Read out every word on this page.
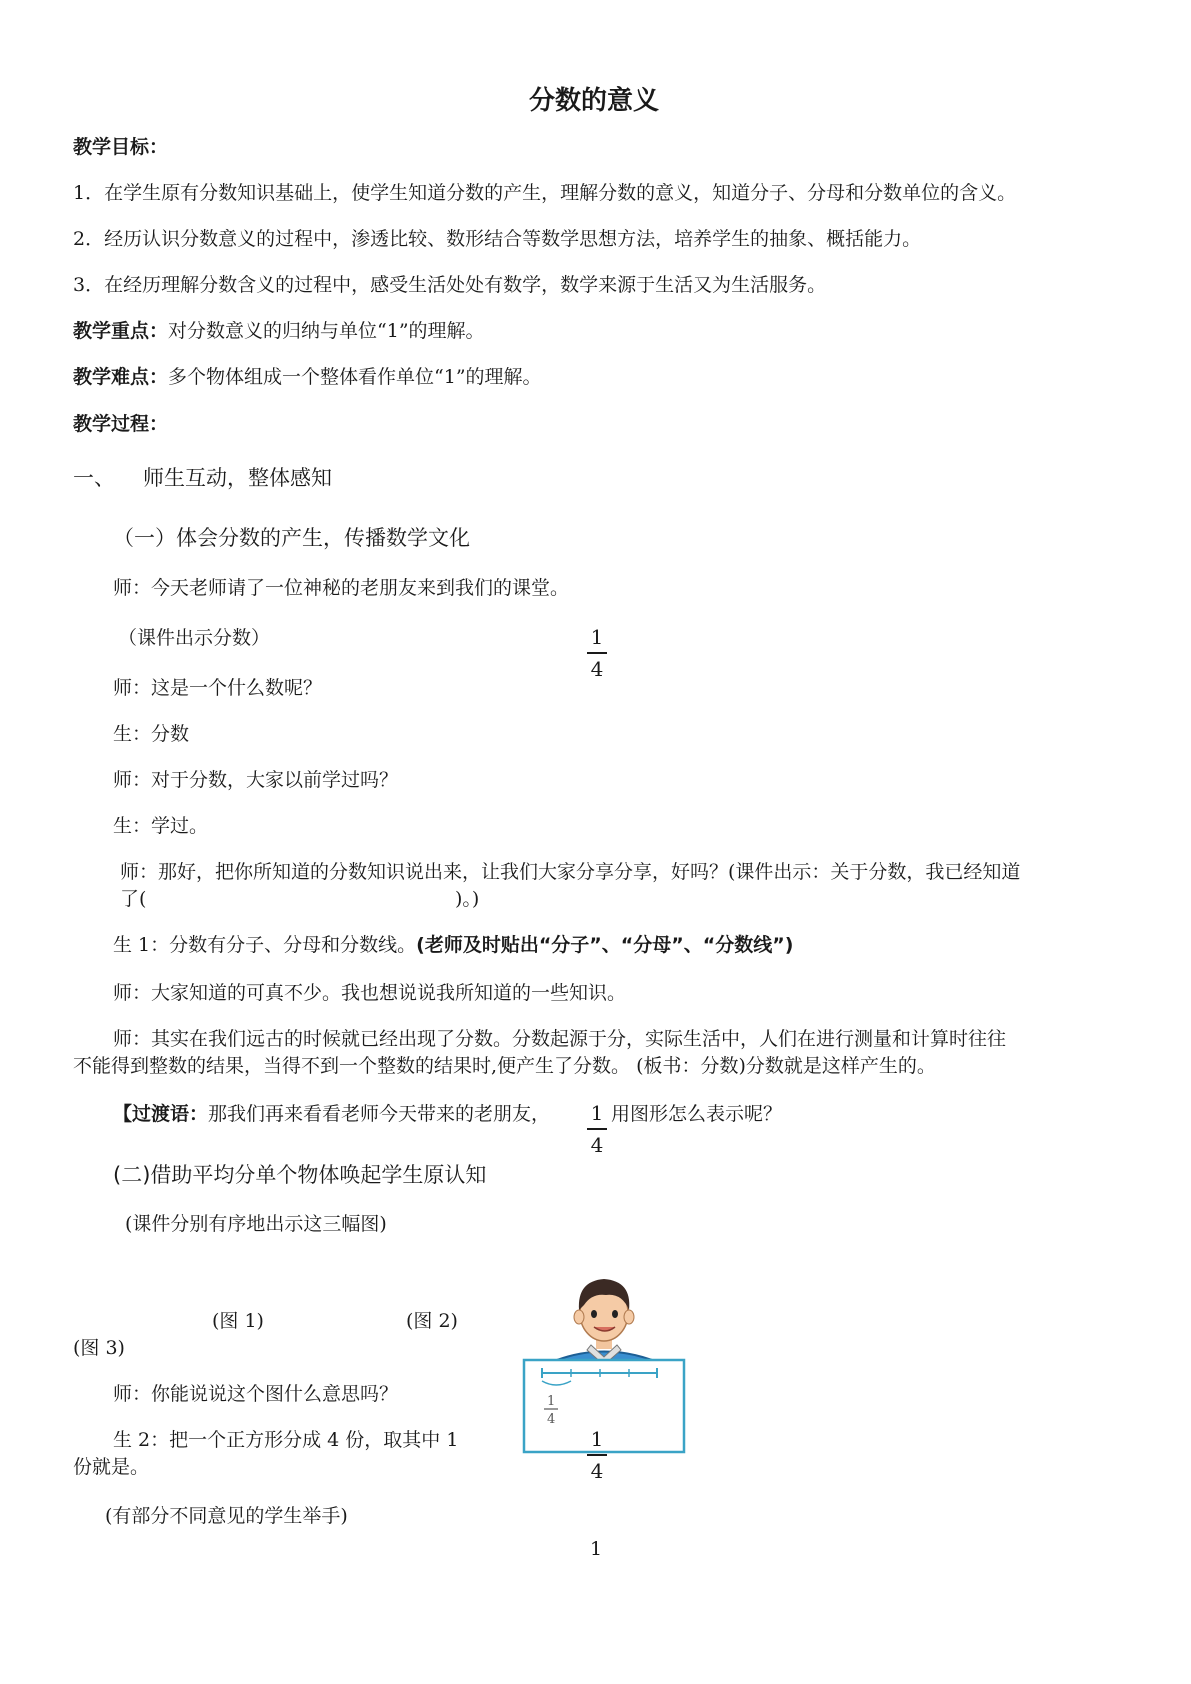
分数的意义
教学目标：
1．在学生原有分数知识基础上，使学生知道分数的产生，理解分数的意义，知道分子、分母和分数单位的含义。
2．经历认识分数意义的过程中，渗透比较、数形结合等数学思想方法，培养学生的抽象、概括能力。
3．在经历理解分数含义的过程中，感受生活处处有数学，数学来源于生活又为生活服务。
教学重点：对分数意义的归纳与单位“1”的理解。
教学难点：多个物体组成一个整体看作单位“1”的理解。
教学过程：
一、 师生互动，整体感知
（一）体会分数的产生，传播数学文化
师：今天老师请了一位神秘的老朋友来到我们的课堂。
（课件出示分数）	1
4
师：这是一个什么数呢？
生：分数
师：对于分数，大家以前学过吗？
生：学过。
师：那好，把你所知道的分数知识说出来，让我们大家分享分享，好吗？(课件出示：关于分数，我已经知道
了(	)。)
生 1：分数有分子、分母和分数线。(老师及时贴出“分子”、“分母”、“分数线”)
师：大家知道的可真不少。我也想说说我所知道的一些知识。
师：其实在我们远古的时候就已经出现了分数。分数起源于分，实际生活中，人们在进行测量和计算时往往
不能得到整数的结果，当得不到一个整数的结果时,便产生了分数。 (板书：分数)分数就是这样产生的。
【过渡语：那我们再来看看老师今天带来的老朋友， 1
4
用图形怎么表示呢？
(二)借助平均分单个物体唤起学生原认知
(课件分别有序地出示这三幅图)
(图 1)	(图 2)
(图 3)
1
4
师：你能说说这个图什么意思吗？
生 2：把一个正方形分成 4 份，取其中 1
份就是。
1
4
(有部分不同意见的学生举手)
1
